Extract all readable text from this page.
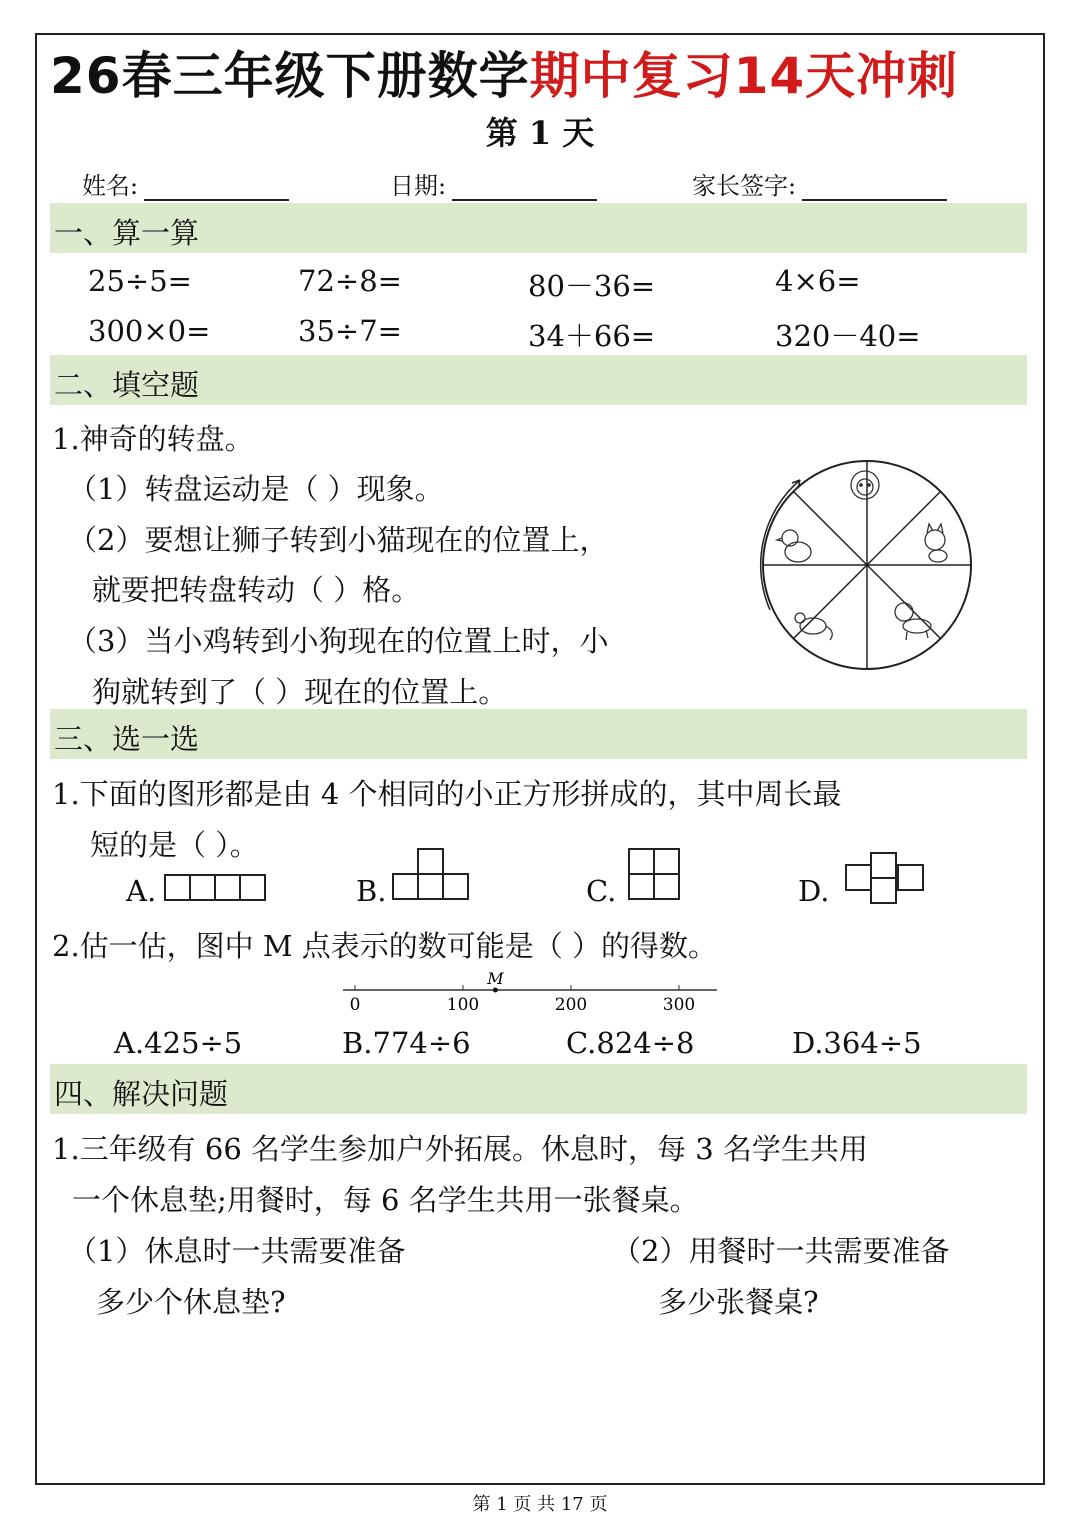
26春三年级下册数学期中复习14天冲刺
第 1 天
姓名:	日期:	家长签字:
一、算一算
25÷5=	72÷8=	80－36=	4×6=
300×0=	35÷7=	34＋66=	320－40=
二、填空题
1.神奇的转盘。
（1）转盘运动是（ ）现象。
（2）要想让狮子转到小猫现在的位置上，
就要把转盘转动（ ）格。
（3）当小鸡转到小狗现在的位置上时，小
狗就转到了（ ）现在的位置上。
三、选一选
1.下面的图形都是由 4 个相同的小正方形拼成的，其中周长最
短的是（ ）。
A.	B.	C.	D.
2.估一估，图中 M 点表示的数可能是（ ）的得数。
M
0	100	200	300
A.425÷5	B.774÷6	C.824÷8	D.364÷5
四、解决问题
1.三年级有 66 名学生参加户外拓展。休息时，每 3 名学生共用
一个休息垫;用餐时，每 6 名学生共用一张餐桌。
（1）休息时一共需要准备
多少个休息垫?
（2）用餐时一共需要准备
多少张餐桌?
第 1 页 共 17 页
